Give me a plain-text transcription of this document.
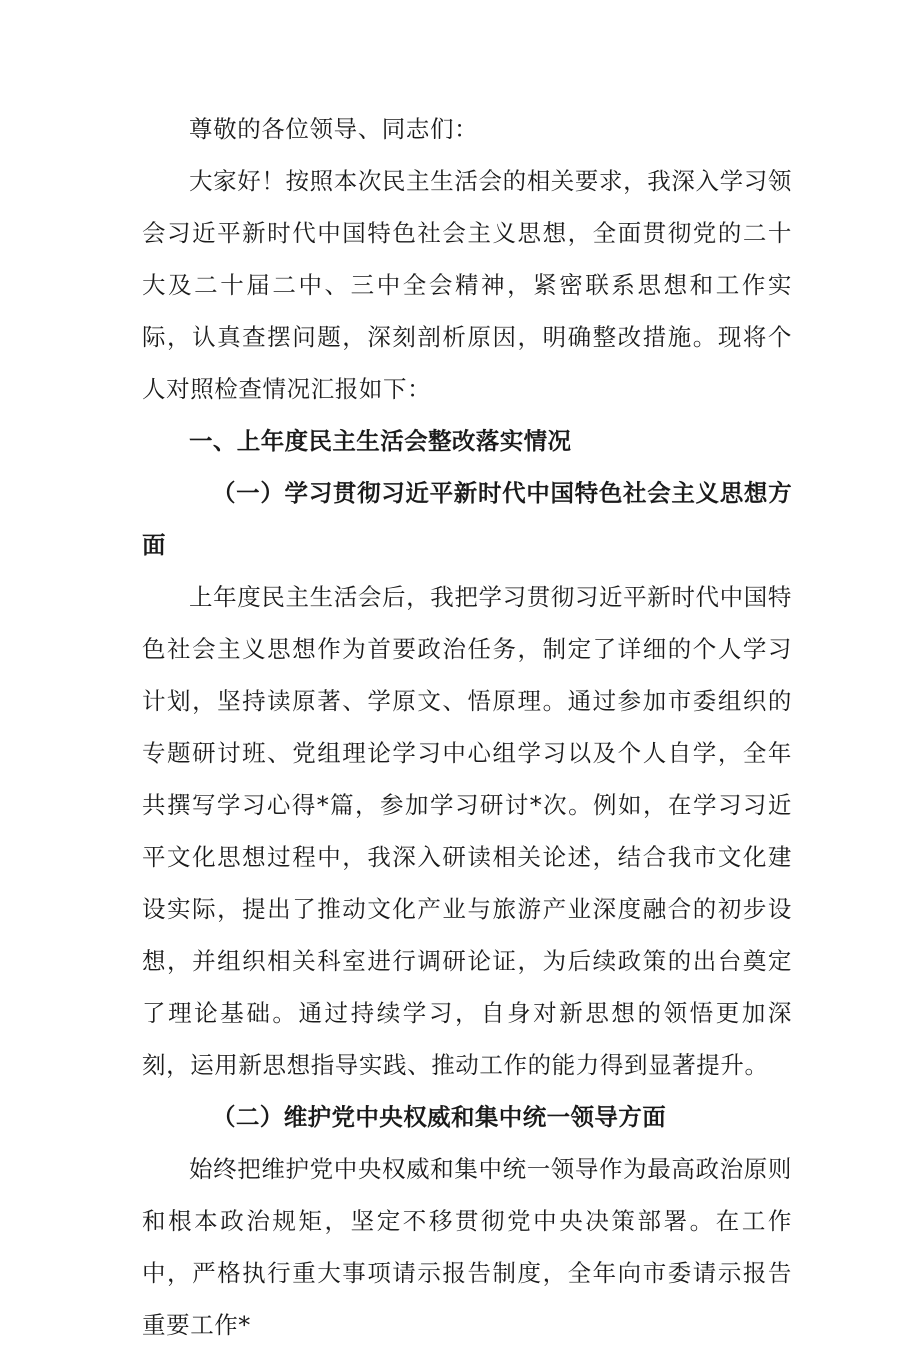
尊敬的各位领导、同志们：

大家好！按照本次民主生活会的相关要求，我深入学习领会习近平新时代中国特色社会主义思想，全面贯彻党的二十大及二十届二中、三中全会精神，紧密联系思想和工作实际，认真查摆问题，深刻剖析原因，明确整改措施。现将个人对照检查情况汇报如下：

一、上年度民主生活会整改落实情况

（一）学习贯彻习近平新时代中国特色社会主义思想方面

上年度民主生活会后，我把学习贯彻习近平新时代中国特色社会主义思想作为首要政治任务，制定了详细的个人学习计划，坚持读原著、学原文、悟原理。通过参加市委组织的专题研讨班、党组理论学习中心组学习以及个人自学，全年共撰写学习心得*篇，参加学习研讨*次。例如，在学习习近平文化思想过程中，我深入研读相关论述，结合我市文化建设实际，提出了推动文化产业与旅游产业深度融合的初步设想，并组织相关科室进行调研论证，为后续政策的出台奠定了理论基础。通过持续学习，自身对新思想的领悟更加深刻，运用新思想指导实践、推动工作的能力得到显著提升。

（二）维护党中央权威和集中统一领导方面

始终把维护党中央权威和集中统一领导作为最高政治原则和根本政治规矩，坚定不移贯彻党中央决策部署。在工作中，严格执行重大事项请示报告制度，全年向市委请示报告重要工作*
